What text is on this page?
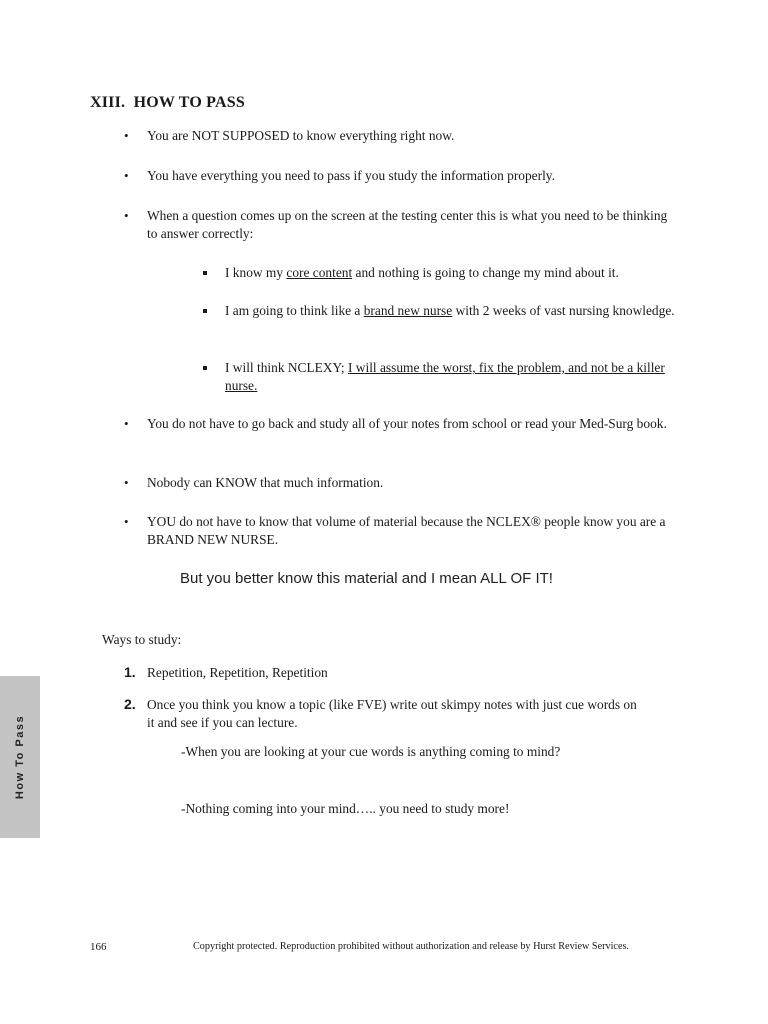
XIII. HOW TO PASS
• You are NOT SUPPOSED to know everything right now.
• You have everything you need to pass if you study the information properly.
• When a question comes up on the screen at the testing center this is what you need to be thinking to answer correctly:
I know my core content and nothing is going to change my mind about it.
I am going to think like a brand new nurse with 2 weeks of vast nursing knowledge.
I will think NCLEXY; I will assume the worst, fix the problem, and not be a killer nurse.
• You do not have to go back and study all of your notes from school or read your Med-Surg book.
• Nobody can KNOW that much information.
• YOU do not have to know that volume of material because the NCLEX® people know you are a BRAND NEW NURSE.
But you better know this material and I mean ALL OF IT!
Ways to study:
1. Repetition, Repetition, Repetition
2. Once you think you know a topic (like FVE) write out skimpy notes with just cue words on it and see if you can lecture.
-When you are looking at your cue words is anything coming to mind?
-Nothing coming into your mind….. you need to study more!
How To Pass
166	Copyright protected. Reproduction prohibited without authorization and release by Hurst Review Services.
